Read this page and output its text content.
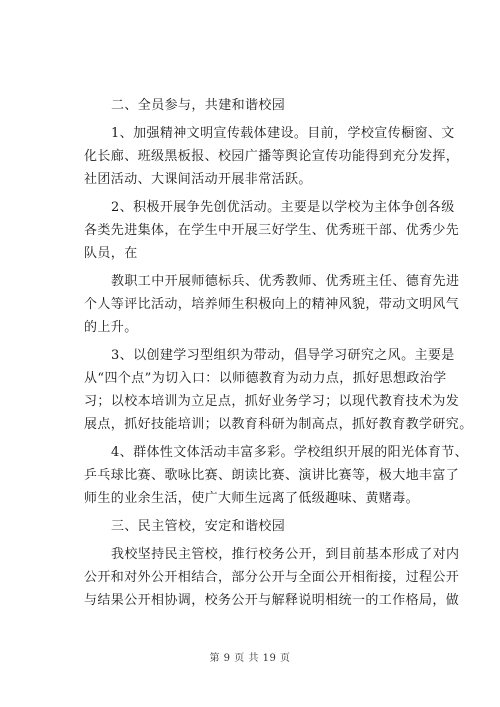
二、全员参与，共建和谐校园

1、加强精神文明宣传载体建设。目前，学校宣传橱窗、文

化长廊、班级黑板报、校园广播等舆论宣传功能得到充分发挥，

社团活动、大课间活动开展非常活跃。

2、积极开展争先创优活动。主要是以学校为主体争创各级

各类先进集体，在学生中开展三好学生、优秀班干部、优秀少先

队员，在

教职工中开展师德标兵、优秀教师、优秀班主任、德育先进

个人等评比活动，培养师生积极向上的精神风貌，带动文明风气

的上升。

3、以创建学习型组织为带动，倡导学习研究之风。主要是

从“四个点”为切入口：以师德教育为动力点，抓好思想政治学

习；以校本培训为立足点，抓好业务学习；以现代教育技术为发

展点，抓好技能培训；以教育科研为制高点，抓好教育教学研究。

4、群体性文体活动丰富多彩。学校组织开展的阳光体育节、

乒乓球比赛、歌咏比赛、朗读比赛、演讲比赛等，极大地丰富了

师生的业余生活，使广大师生远离了低级趣味、黄赌毒。

三、民主管校，安定和谐校园

我校坚持民主管校，推行校务公开，到目前基本形成了对内

公开和对外公开相结合，部分公开与全面公开相衔接，过程公开

与结果公开相协调，校务公开与解释说明相统一的工作格局，做

第 9 页 共 19 页
